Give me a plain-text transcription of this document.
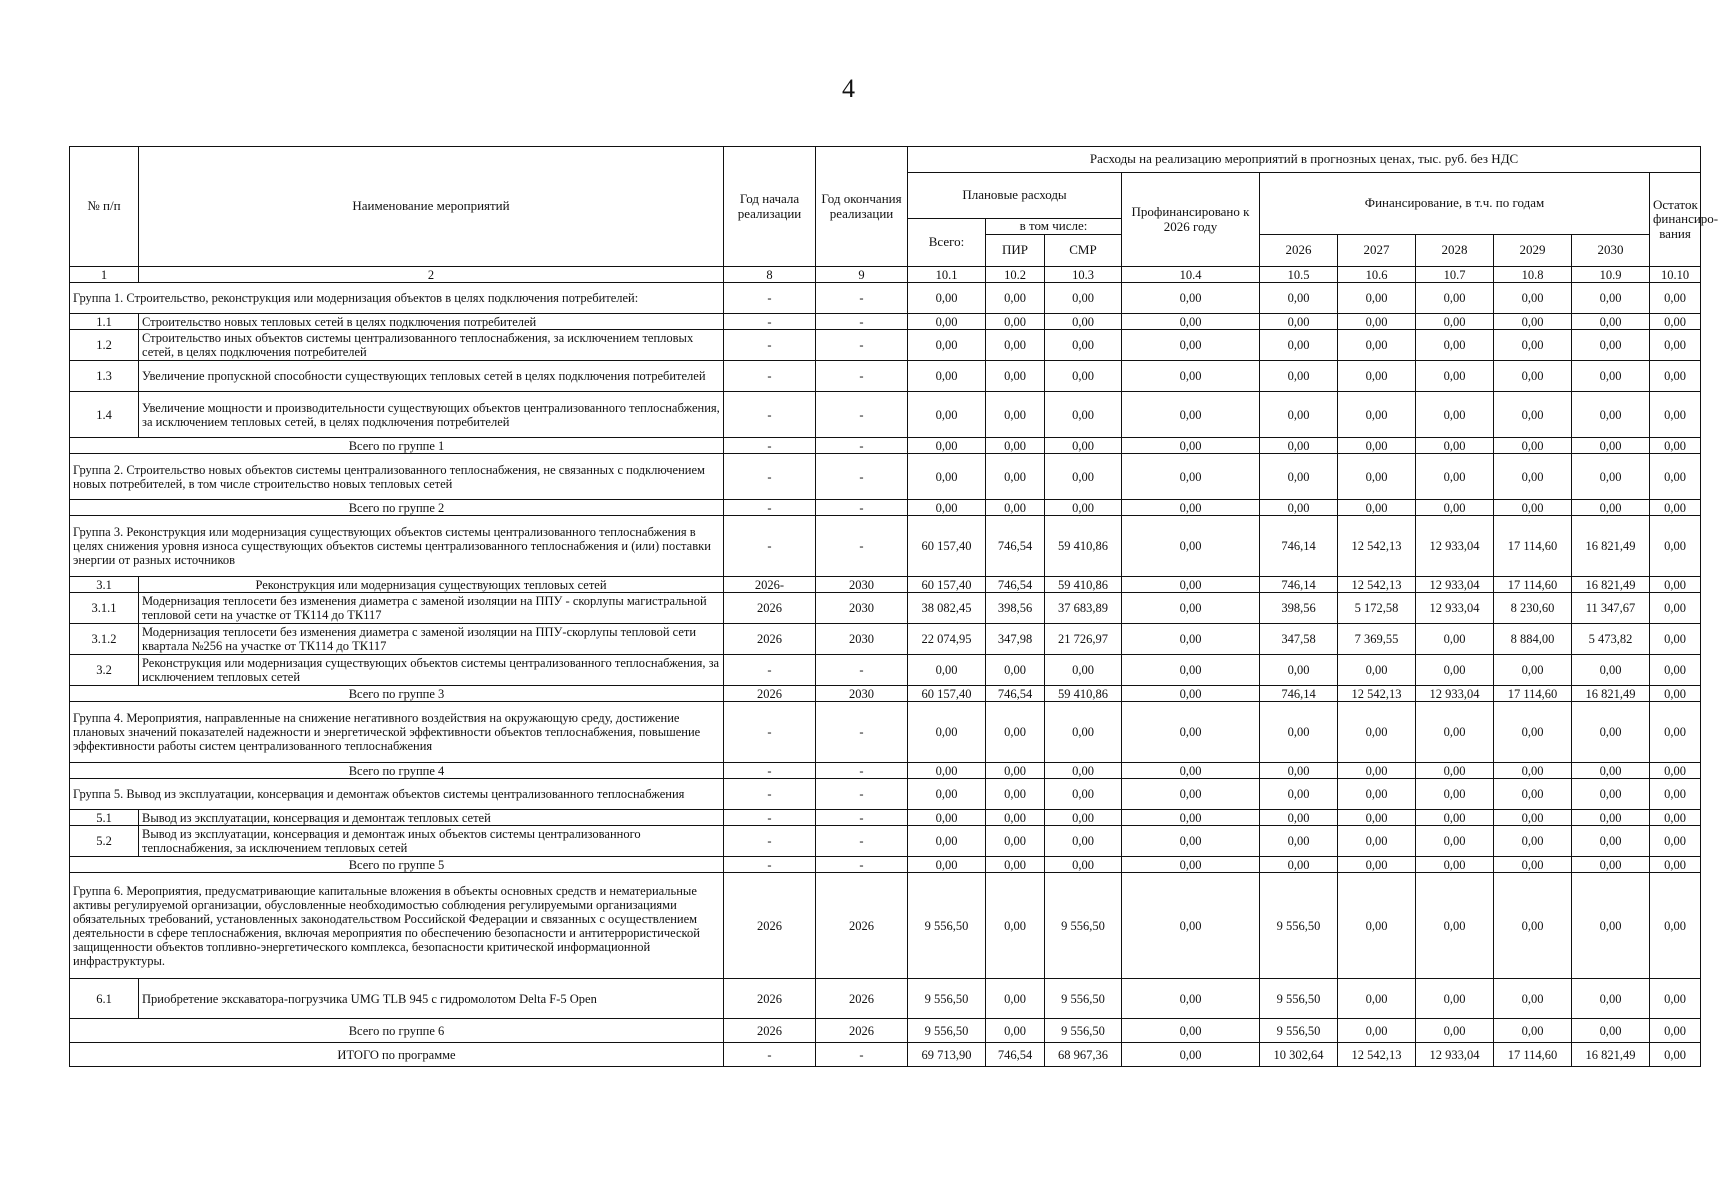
4
№ п/п	Наименование мероприятий	Год начала реализации	Год окончания реализации	Расходы на реализацию мероприятий в прогнозных ценах, тыс. руб. без НДС									
				Плановые расходы			Профинансировано к 2026 году	Финансирование, в т.ч. по годам					Остаток финансиро-вания
				Всего:	в том числе:								
					ПИР	СМР		2026	2027	2028	2029	2030	
1	2	8	9	10.1	10.2	10.3	10.4	10.5	10.6	10.7	10.8	10.9	10.10
Группа 1. Строительство, реконструкция или модернизация объектов в целях подключения потребителей:		-	-	0,00	0,00	0,00	0,00	0,00	0,00	0,00	0,00	0,00	0,00
1.1	Строительство новых тепловых сетей в целях подключения потребителей	-	-	0,00	0,00	0,00	0,00	0,00	0,00	0,00	0,00	0,00	0,00
1.2	Строительство иных объектов системы централизованного теплоснабжения, за исключением тепловых сетей, в целях подключения потребителей	-	-	0,00	0,00	0,00	0,00	0,00	0,00	0,00	0,00	0,00	0,00
1.3	Увеличение пропускной способности существующих тепловых сетей в целях подключения потребителей	-	-	0,00	0,00	0,00	0,00	0,00	0,00	0,00	0,00	0,00	0,00
1.4	Увеличение мощности и производительности существующих объектов централизованного теплоснабжения, за исключением тепловых сетей, в целях подключения потребителей	-	-	0,00	0,00	0,00	0,00	0,00	0,00	0,00	0,00	0,00	0,00
Всего по группе 1		-	-	0,00	0,00	0,00	0,00	0,00	0,00	0,00	0,00	0,00	0,00
Группа 2. Строительство новых объектов системы централизованного теплоснабжения, не связанных с подключением новых потребителей, в том числе строительство новых тепловых сетей		-	-	0,00	0,00	0,00	0,00	0,00	0,00	0,00	0,00	0,00	0,00
Всего по группе 2		-	-	0,00	0,00	0,00	0,00	0,00	0,00	0,00	0,00	0,00	0,00
Группа 3. Реконструкция или модернизация существующих объектов системы централизованного теплоснабжения в целях снижения уровня износа существующих объектов системы централизованного теплоснабжения и (или) поставки энергии от разных источников		-	-	60 157,40	746,54	59 410,86	0,00	746,14	12 542,13	12 933,04	17 114,60	16 821,49	0,00
3.1	Реконструкция или модернизация существующих тепловых сетей	2026-	2030	60 157,40	746,54	59 410,86	0,00	746,14	12 542,13	12 933,04	17 114,60	16 821,49	0,00
3.1.1	Модернизация теплосети без изменения диаметра с заменой изоляции на ППУ - скорлупы магистральной тепловой сети на участке от ТК114 до ТК117	2026	2030	38 082,45	398,56	37 683,89	0,00	398,56	5 172,58	12 933,04	8 230,60	11 347,67	0,00
3.1.2	Модернизация теплосети без изменения диаметра с заменой изоляции на ППУ-скорлупы тепловой сети квартала №256 на участке от ТК114 до ТК117	2026	2030	22 074,95	347,98	21 726,97	0,00	347,58	7 369,55	0,00	8 884,00	5 473,82	0,00
3.2	Реконструкция или модернизация существующих объектов системы централизованного теплоснабжения, за исключением тепловых сетей	-	-	0,00	0,00	0,00	0,00	0,00	0,00	0,00	0,00	0,00	0,00
Всего по группе 3		2026	2030	60 157,40	746,54	59 410,86	0,00	746,14	12 542,13	12 933,04	17 114,60	16 821,49	0,00
Группа 4. Мероприятия, направленные на снижение негативного воздействия на окружающую среду, достижение плановых значений показателей надежности и энергетической эффективности объектов теплоснабжения, повышение эффективности работы систем централизованного теплоснабжения		-	-	0,00	0,00	0,00	0,00	0,00	0,00	0,00	0,00	0,00	0,00
Всего по группе 4		-	-	0,00	0,00	0,00	0,00	0,00	0,00	0,00	0,00	0,00	0,00
Группа 5. Вывод из эксплуатации, консервация и демонтаж объектов системы централизованного теплоснабжения		-	-	0,00	0,00	0,00	0,00	0,00	0,00	0,00	0,00	0,00	0,00
5.1	Вывод из эксплуатации, консервация и демонтаж тепловых сетей	-	-	0,00	0,00	0,00	0,00	0,00	0,00	0,00	0,00	0,00	0,00
5.2	Вывод из эксплуатации, консервация и демонтаж иных объектов системы централизованного теплоснабжения, за исключением тепловых сетей	-	-	0,00	0,00	0,00	0,00	0,00	0,00	0,00	0,00	0,00	0,00
Всего по группе 5		-	-	0,00	0,00	0,00	0,00	0,00	0,00	0,00	0,00	0,00	0,00
Группа 6. Мероприятия, предусматривающие капитальные вложения в объекты основных средств и нематериальные активы регулируемой организации, обусловленные необходимостью соблюдения регулируемыми организациями обязательных требований, установленных законодательством Российской Федерации и связанных с осуществлением деятельности в сфере теплоснабжения, включая мероприятия по обеспечению безопасности и антитеррористической защищенности объектов топливно-энергетического комплекса, безопасности критической информационной инфраструктуры.		2026	2026	9 556,50	0,00	9 556,50	0,00	9 556,50	0,00	0,00	0,00	0,00	0,00
6.1	Приобретение экскаватора-погрузчика UMG TLB 945 с гидромолотом Delta F-5 Open	2026	2026	9 556,50	0,00	9 556,50	0,00	9 556,50	0,00	0,00	0,00	0,00	0,00
Всего по группе 6		2026	2026	9 556,50	0,00	9 556,50	0,00	9 556,50	0,00	0,00	0,00	0,00	0,00
ИТОГО по программе		-	-	69 713,90	746,54	68 967,36	0,00	10 302,64	12 542,13	12 933,04	17 114,60	16 821,49	0,00
